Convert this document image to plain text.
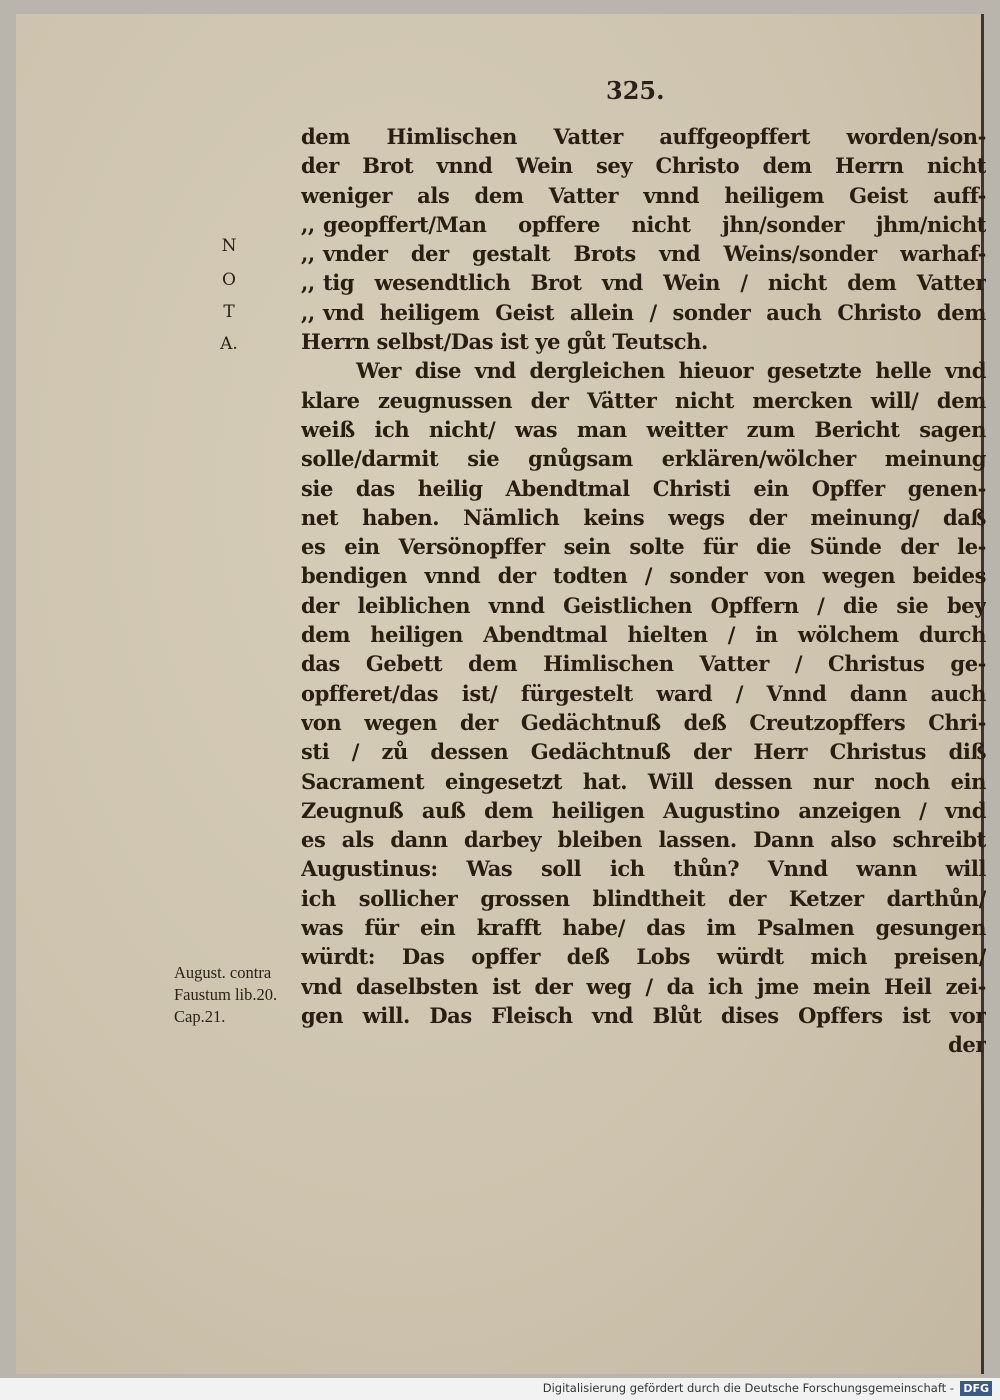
325.
N
O
T
A.
dem Himlischen Vatter auffgeopffert worden/son-
der Brot vnnd Wein sey Christo dem Herrn nicht
weniger als dem Vatter vnnd heiligem Geist auff-
,, geopffert/Man opffere nicht jhn/sonder jhm/nicht
,, vnder der gestalt Brots vnd Weins/sonder warhaf-
,, tig wesendtlich Brot vnd Wein / nicht dem Vatter
,, vnd heiligem Geist allein / sonder auch Christo dem
Herrn selbst/Das ist ye gůt Teutsch.
Wer dise vnd dergleichen hieuor gesetzte helle vnd
klare zeugnussen der Vätter nicht mercken will/ dem
weiß ich nicht/ was man weitter zum Bericht sagen
solle/darmit sie gnůgsam erklären/wölcher meinung
sie das heilig Abendtmal Christi ein Opffer genen-
net haben. Nämlich keins wegs der meinung/ daß
es ein Versönopffer sein solte für die Sünde der le-
bendigen vnnd der todten / sonder von wegen beides
der leiblichen vnnd Geistlichen Opffern / die sie bey
dem heiligen Abendtmal hielten / in wölchem durch
das Gebett dem Himlischen Vatter / Christus ge-
opfferet/das ist/ fürgestelt ward / Vnnd dann auch
von wegen der Gedächtnuß deß Creutzopffers Chri-
sti / zů dessen Gedächtnuß der Herr Christus diß
Sacrament eingesetzt hat. Will dessen nur noch ein
Zeugnuß auß dem heiligen Augustino anzeigen / vnd
es als dann darbey bleiben lassen. Dann also schreibt
Augustinus: Was soll ich thůn? Vnnd wann will
ich sollicher grossen blindtheit der Ketzer darthůn/
was für ein krafft habe/ das im Psalmen gesungen
würdt: Das opffer deß Lobs würdt mich preisen/
vnd daselbsten ist der weg / da ich jme mein Heil zei-
gen will. Das Fleisch vnd Blůt dises Opffers ist vor
der
August. contra
Faustum lib.20.
Cap.21.
Digitalisierung gefördert durch die Deutsche Forschungsgemeinschaft - DFG
